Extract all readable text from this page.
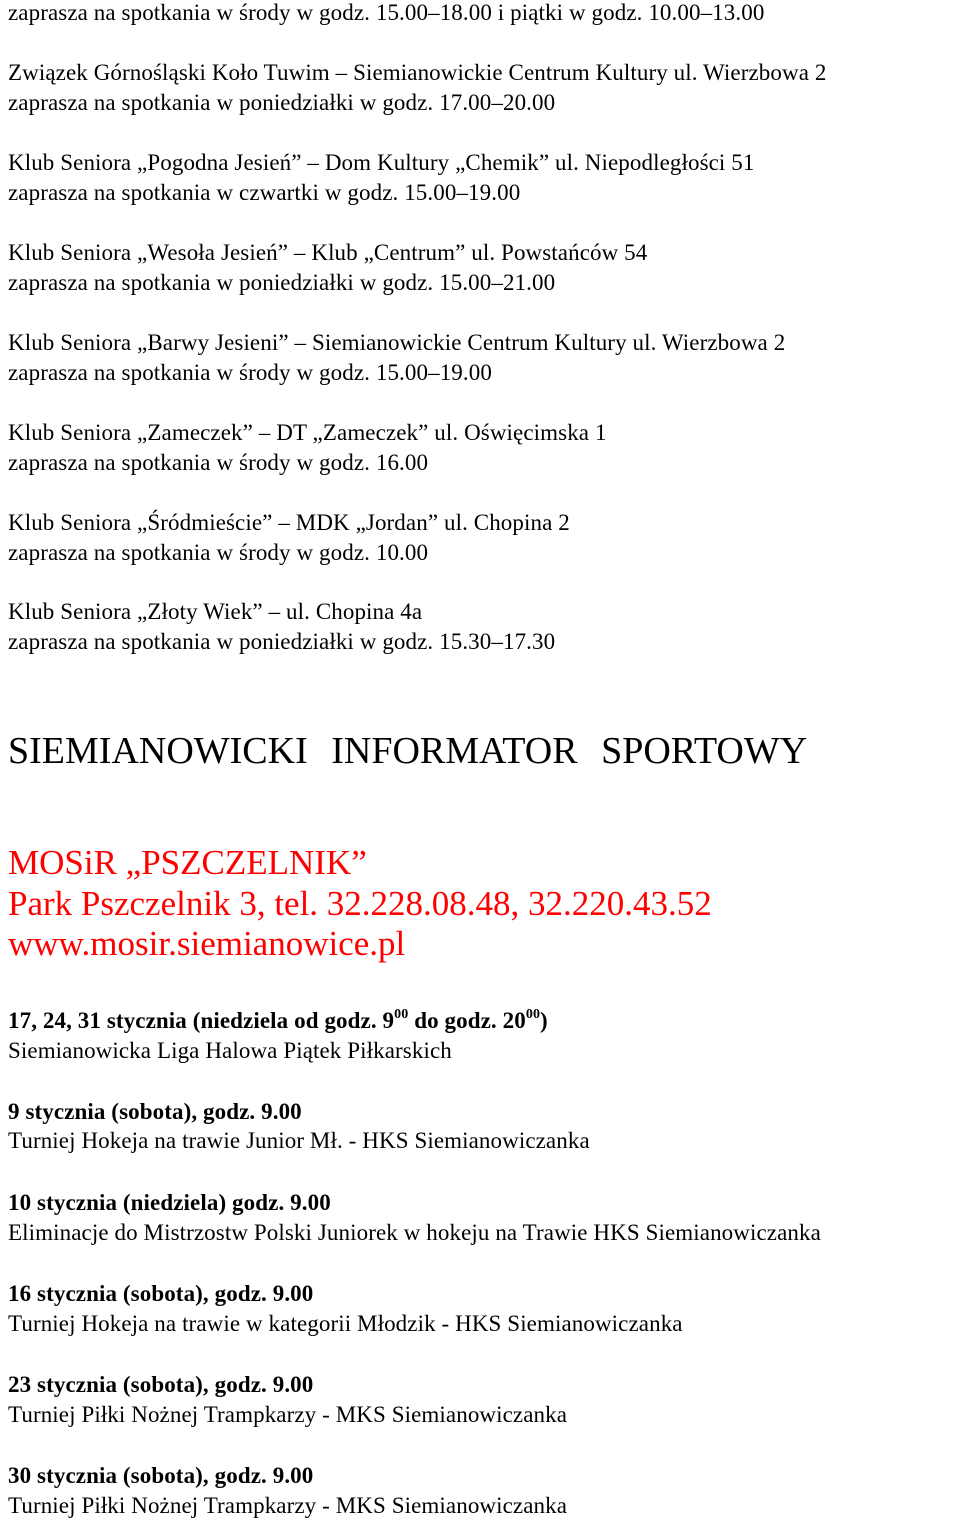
zaprasza na spotkania w środy w godz. 15.00–18.00 i piątki w godz. 10.00–13.00
Związek Górnośląski Koło Tuwim – Siemianowickie Centrum Kultury ul. Wierzbowa 2
zaprasza na spotkania w poniedziałki w godz. 17.00–20.00
Klub Seniora „Pogodna Jesień” – Dom Kultury „Chemik” ul. Niepodległości 51
zaprasza na spotkania w czwartki w godz. 15.00–19.00
Klub Seniora „Wesoła Jesień” – Klub „Centrum” ul. Powstańców 54
zaprasza na spotkania w poniedziałki w godz. 15.00–21.00
Klub Seniora „Barwy Jesieni” – Siemianowickie Centrum Kultury ul. Wierzbowa 2
zaprasza na spotkania w środy w godz. 15.00–19.00
Klub Seniora „Zameczek” – DT „Zameczek” ul. Oświęcimska 1
zaprasza na spotkania w środy w godz. 16.00
Klub Seniora „Śródmieście” – MDK „Jordan” ul. Chopina 2
zaprasza na spotkania w środy w godz. 10.00
Klub Seniora „Złoty Wiek” – ul. Chopina 4a
zaprasza na spotkania w poniedziałki w godz. 15.30–17.30
SIEMIANOWICKI INFORMATOR SPORTOWY
MOSiR „PSZCZELNIK”
Park Pszczelnik 3, tel. 32.228.08.48, 32.220.43.52
www.mosir.siemianowice.pl
17, 24, 31 stycznia (niedziela od godz. $9^{00}$ do godz. $20^{00}$)
Siemianowicka Liga Halowa Piątek Piłkarskich
9 stycznia (sobota), godz. 9.00
Turniej Hokeja na trawie Junior Mł. - HKS Siemianowiczanka
10 stycznia (niedziela) godz. 9.00
Eliminacje do Mistrzostw Polski Juniorek w hokeju na Trawie HKS Siemianowiczanka
16 stycznia (sobota), godz. 9.00
Turniej Hokeja na trawie w kategorii Młodzik - HKS Siemianowiczanka
23 stycznia (sobota), godz. 9.00
Turniej Piłki Nożnej Trampkarzy - MKS Siemianowiczanka
30 stycznia (sobota), godz. 9.00
Turniej Piłki Nożnej Trampkarzy - MKS Siemianowiczanka
